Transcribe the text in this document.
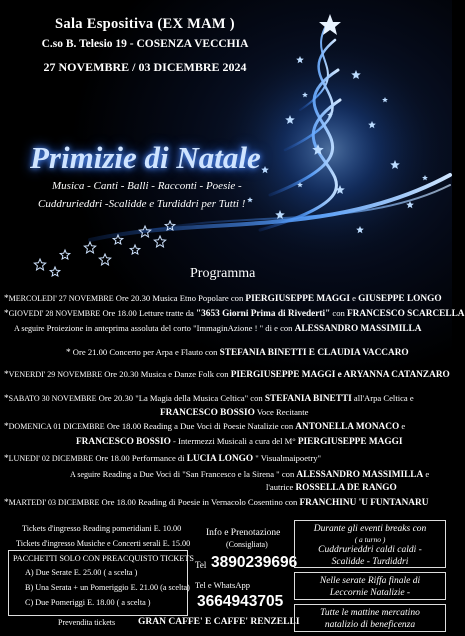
Sala Espositiva (EX MAM )
C.so B. Telesio 19 - COSENZA VECCHIA
27 NOVEMBRE / 03 DICEMBRE 2024
Primizie di Natale
Musica - Canti - Balli - Racconti - Poesie -
Cuddrurieddri -Scalidde e Turdiddri per Tutti !
Programma
*MERCOLEDI' 27 NOVEMBRE Ore 20.30 Musica Etno Popolare con PIERGIUSEPPE MAGGI e GIUSEPPE LONGO
*GIOVEDI' 28 NOVEMBRE Ore 18.00 Letture tratte da "3653 Giorni Prima di Rivederti" con FRANCESCO SCARCELLA
A seguire Proiezione in anteprima assoluta del corto "ImmaginAzione ! " di e con ALESSANDRO MASSIMILLA
* Ore 21.00 Concerto per Arpa e Flauto con STEFANIA BINETTI E CLAUDIA VACCARO
*VENERDI' 29 NOVEMBRE Ore 20.30 Musica e Danze Folk con PIERGIUSEPPE MAGGI e ARYANNA CATANZARO
*SABATO 30 NOVEMBRE Ore 20.30 "La Magia della Musica Celtica" con STEFANIA BINETTI all'Arpa Celtica e
FRANCESCO BOSSIO Voce Recitante
*DOMENICA 01 DICEMBRE Ore 18.00 Reading a Due Voci di Poesie Natalizie con ANTONELLA MONACO e
FRANCESCO BOSSIO - Intermezzi Musicali a cura del M° PIERGIUSEPPE MAGGI
*LUNEDI' 02 DICEMBRE Ore 18.00 Performance di LUCIA LONGO " Visualmaipoetry"
A seguire Reading a Due Voci di "San Francesco e la Sirena " con ALESSANDRO MASSIMILLA e
l'autrice ROSSELLA DE RANGO
*MARTEDI' 03 DICEMBRE Ore 18.00 Reading di Poesie in Vernacolo Cosentino con FRANCHINU 'U FUNTANARU
Tickets d'ingresso Reading pomeridiani E. 10.00
Tickets d'ingresso Musiche e Concerti serali E. 15.00
PACCHETTI SOLO CON PREACQUISTO TICKETS
A) Due Serate E. 25.00 ( a scelta )
B) Una Serata + un Pomeriggio E. 21.00 (a scelta)
C) Due Pomeriggi E. 18.00 ( a scelta )
Prevendita tickets GRAN CAFFE' E CAFFE' RENZELLI
Info e Prenotazione
(Consigliata)
Tel 3890239696
Tel e WhatsApp
3664943705
Durante gli eventi breaks con
( a turno )
Cuddrurieddri caldi caldi -
Scalidde - Turdiddri
Nelle serate Riffa finale di
Leccornie Natalizie -
Tutte le mattine mercatino
natalizio di beneficenza
